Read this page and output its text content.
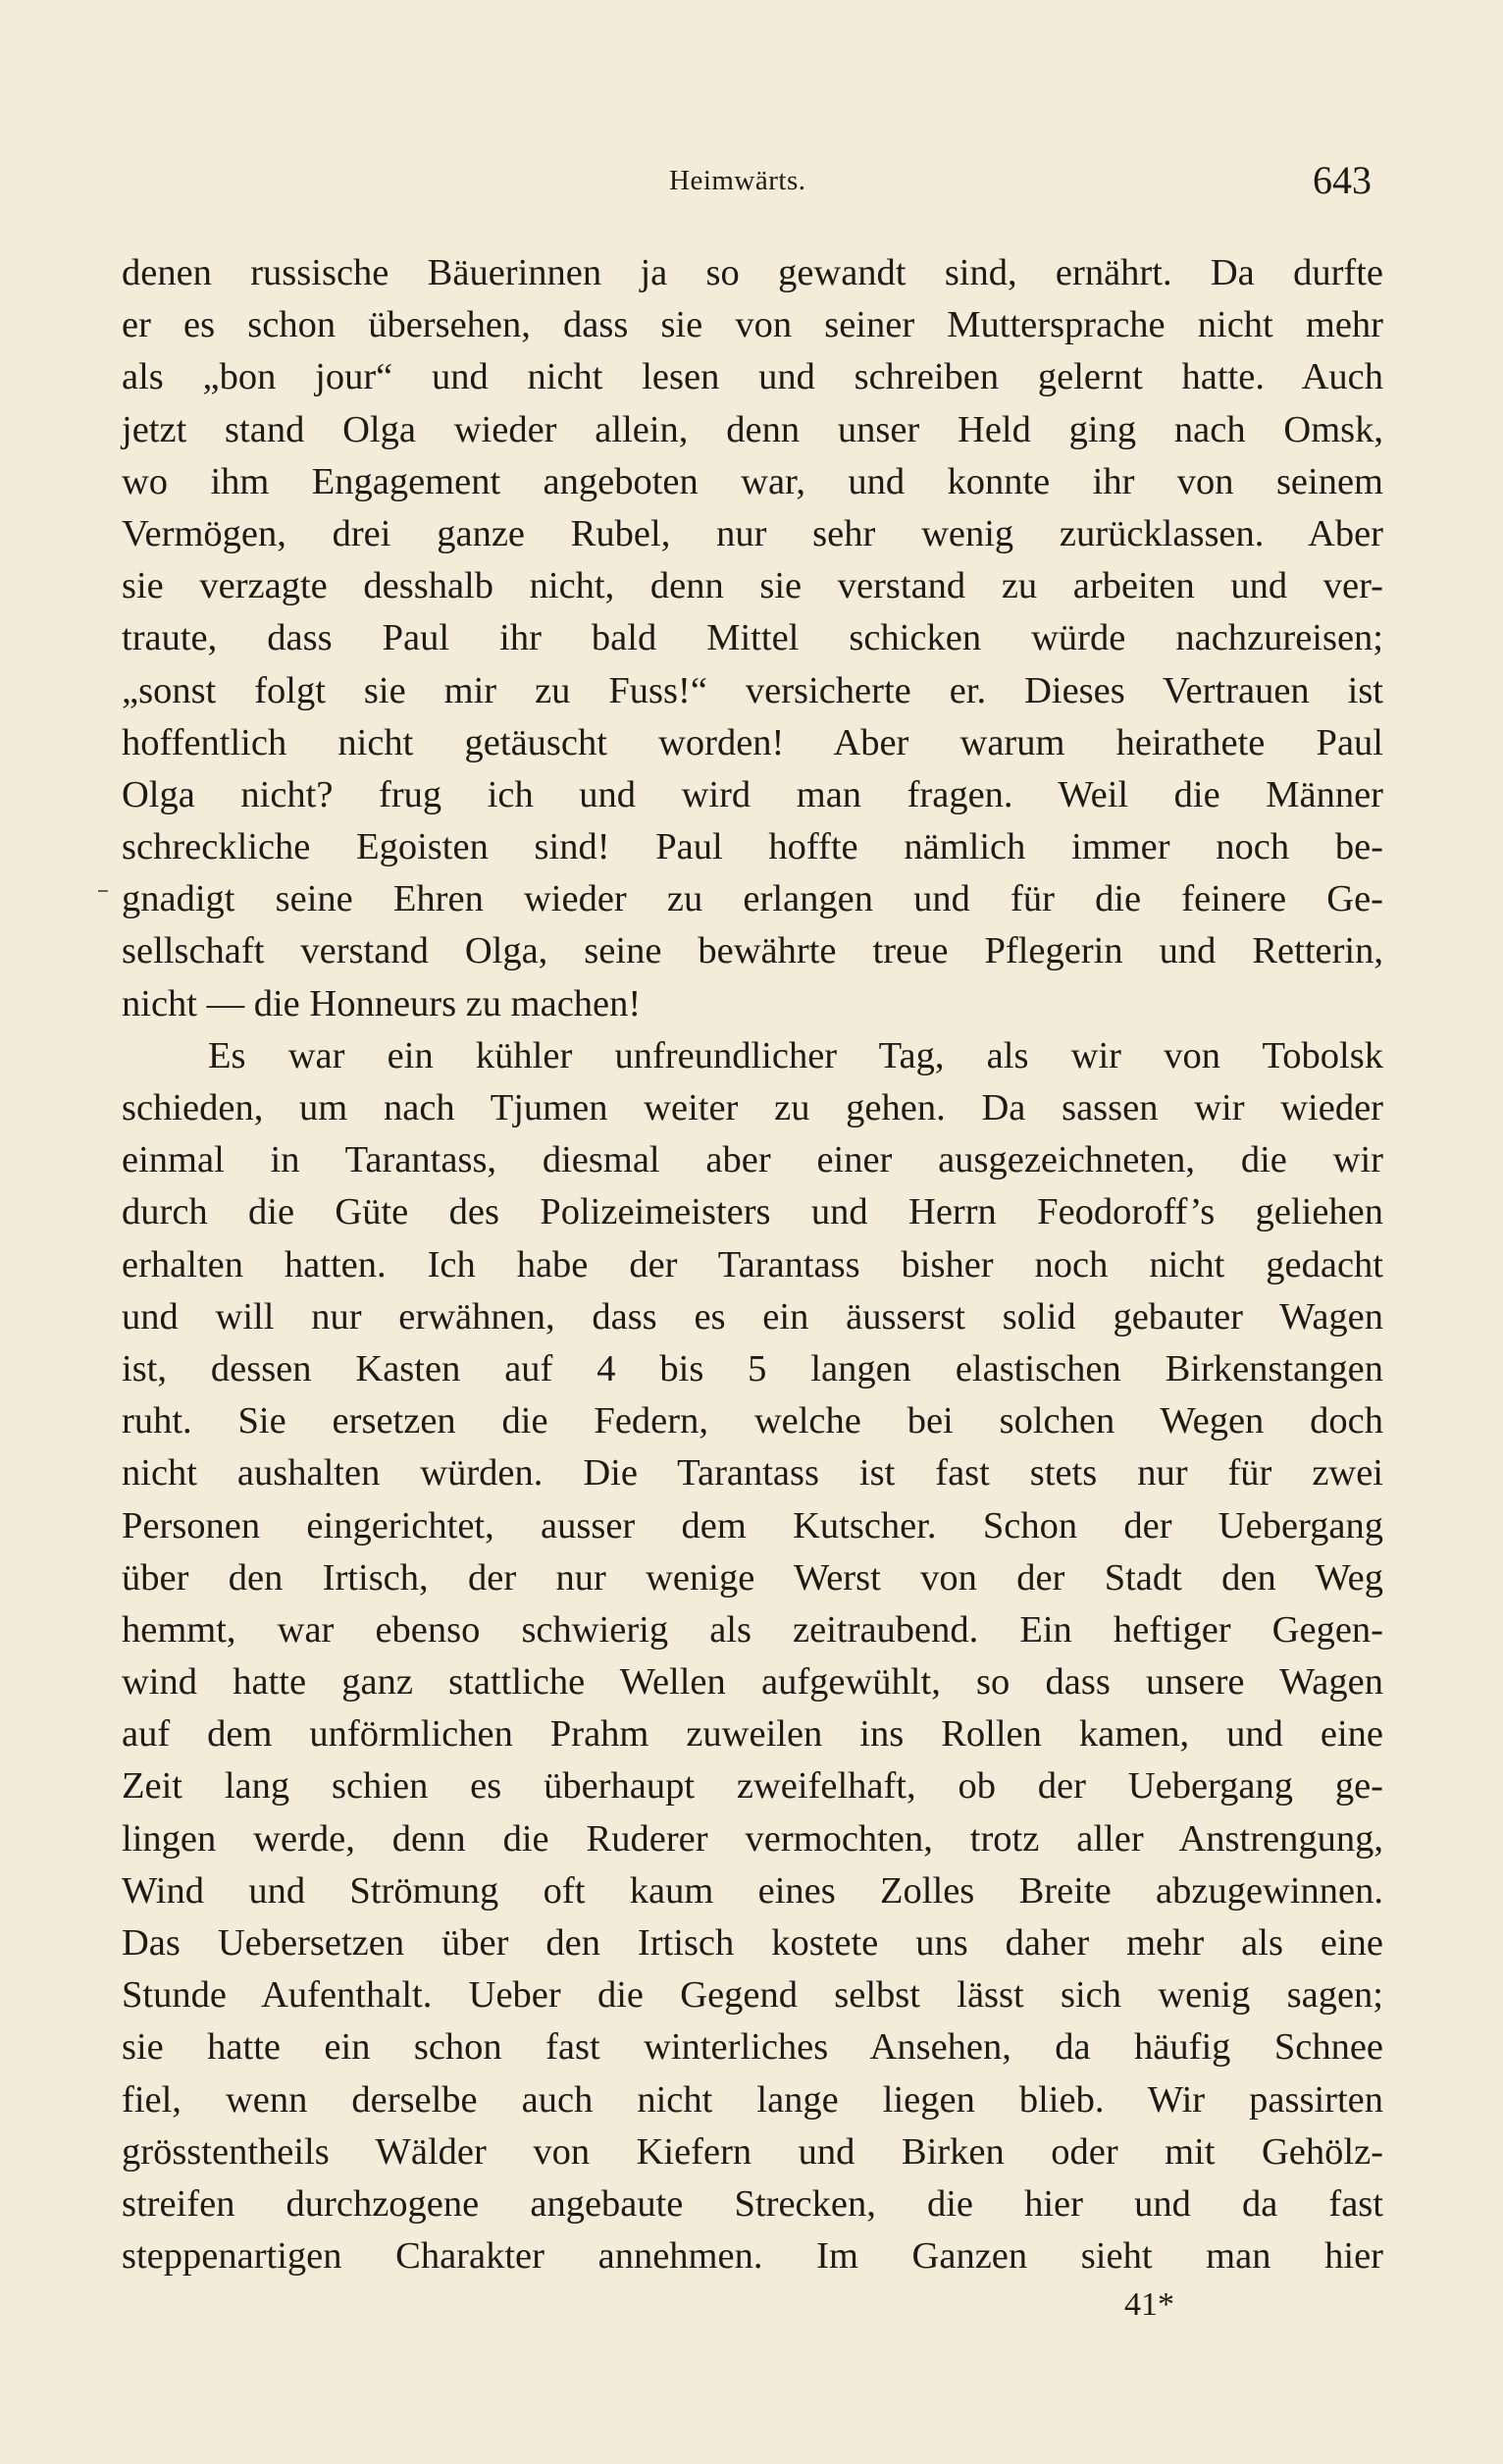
Heimwärts.	643
denen russische Bäuerinnen ja so gewandt sind, ernährt. Da durfte
er es schon übersehen, dass sie von seiner Muttersprache nicht mehr
als „bon jour“ und nicht lesen und schreiben gelernt hatte. Auch
jetzt stand Olga wieder allein, denn unser Held ging nach Omsk,
wo ihm Engagement angeboten war, und konnte ihr von seinem
Vermögen, drei ganze Rubel, nur sehr wenig zurücklassen. Aber
sie verzagte desshalb nicht, denn sie verstand zu arbeiten und ver-
traute, dass Paul ihr bald Mittel schicken würde nachzureisen;
„sonst folgt sie mir zu Fuss!“ versicherte er. Dieses Vertrauen ist
hoffentlich nicht getäuscht worden! Aber warum heirathete Paul
Olga nicht? frug ich und wird man fragen. Weil die Männer
schreckliche Egoisten sind! Paul hoffte nämlich immer noch be-
gnadigt seine Ehren wieder zu erlangen und für die feinere Ge-
sellschaft verstand Olga, seine bewährte treue Pflegerin und Retterin,
nicht — die Honneurs zu machen!
Es war ein kühler unfreundlicher Tag, als wir von Tobolsk
schieden, um nach Tjumen weiter zu gehen. Da sassen wir wieder
einmal in Tarantass, diesmal aber einer ausgezeichneten, die wir
durch die Güte des Polizeimeisters und Herrn Feodoroff’s geliehen
erhalten hatten. Ich habe der Tarantass bisher noch nicht gedacht
und will nur erwähnen, dass es ein äusserst solid gebauter Wagen
ist, dessen Kasten auf 4 bis 5 langen elastischen Birkenstangen
ruht. Sie ersetzen die Federn, welche bei solchen Wegen doch
nicht aushalten würden. Die Tarantass ist fast stets nur für zwei
Personen eingerichtet, ausser dem Kutscher. Schon der Uebergang
über den Irtisch, der nur wenige Werst von der Stadt den Weg
hemmt, war ebenso schwierig als zeitraubend. Ein heftiger Gegen-
wind hatte ganz stattliche Wellen aufgewühlt, so dass unsere Wagen
auf dem unförmlichen Prahm zuweilen ins Rollen kamen, und eine
Zeit lang schien es überhaupt zweifelhaft, ob der Uebergang ge-
lingen werde, denn die Ruderer vermochten, trotz aller Anstrengung,
Wind und Strömung oft kaum eines Zolles Breite abzugewinnen.
Das Uebersetzen über den Irtisch kostete uns daher mehr als eine
Stunde Aufenthalt. Ueber die Gegend selbst lässt sich wenig sagen;
sie hatte ein schon fast winterliches Ansehen, da häufig Schnee
fiel, wenn derselbe auch nicht lange liegen blieb. Wir passirten
grösstentheils Wälder von Kiefern und Birken oder mit Gehölz-
streifen durchzogene angebaute Strecken, die hier und da fast
steppenartigen Charakter annehmen. Im Ganzen sieht man hier
41*
